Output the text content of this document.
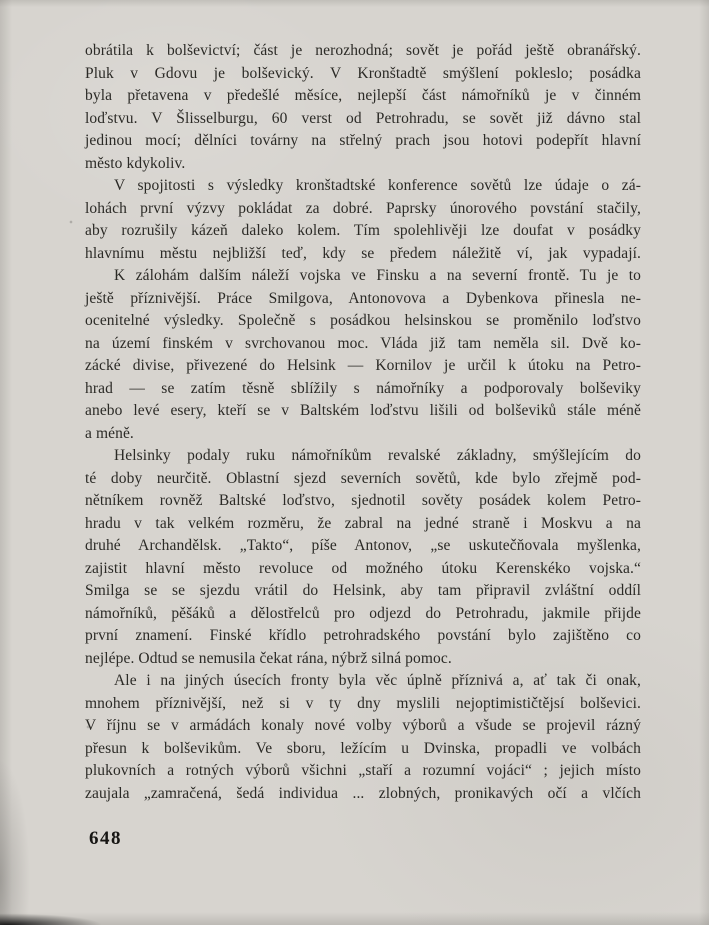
obrátila k bolševictví; část je nerozhodná; sovět je pořád ještě obranářský.
Pluk v Gdovu je bolševický. V Kronštadtě smýšlení pokleslo; posádka
byla přetavena v předešlé měsíce, nejlepší část námořníků je v činném
loďstvu. V Šlisselburgu, 60 verst od Petrohradu, se sovět již dávno stal
jedinou mocí; dělníci továrny na střelný prach jsou hotovi podepřít hlavní
město kdykoliv.
V spojitosti s výsledky kronštadtské konference sovětů lze údaje o zá-
lohách první výzvy pokládat za dobré. Paprsky únorového povstání stačily,
aby rozrušily kázeň daleko kolem. Tím spolehlivěji lze doufat v posádky
hlavnímu městu nejbližší teď, kdy se předem náležitě ví, jak vypadají.
K zálohám dalším náleží vojska ve Finsku a na severní frontě. Tu je to
ještě příznivější. Práce Smilgova, Antonovova a Dybenkova přinesla ne-
ocenitelné výsledky. Společně s posádkou helsinskou se proměnilo loďstvo
na území finském v svrchovanou moc. Vláda již tam neměla sil. Dvě ko-
zácké divise, přivezené do Helsink — Kornilov je určil k útoku na Petro-
hrad — se zatím těsně sblížily s námořníky a podporovaly bolševiky
anebo levé esery, kteří se v Baltském loďstvu lišili od bolševiků stále méně
a méně.
Helsinky podaly ruku námořníkům revalské základny, smýšlejícím do
té doby neurčitě. Oblastní sjezd severních sovětů, kde bylo zřejmě pod-
nětníkem rovněž Baltské loďstvo, sjednotil sověty posádek kolem Petro-
hradu v tak velkém rozměru, že zabral na jedné straně i Moskvu a na
druhé Archandělsk. „Takto“, píše Antonov, „se uskutečňovala myšlenka,
zajistit hlavní město revoluce od možného útoku Kerenskéko vojska.“
Smilga se se sjezdu vrátil do Helsink, aby tam připravil zvláštní oddíl
námořníků, pěšáků a dělostřelců pro odjezd do Petrohradu, jakmile přijde
první znamení. Finské křídlo petrohradského povstání bylo zajištěno co
nejlépe. Odtud se nemusila čekat rána, nýbrž silná pomoc.
Ale i na jiných úsecích fronty byla věc úplně příznivá a, ať tak či onak,
mnohem příznivější, než si v ty dny myslili nejoptimističtějsí bolševici.
V říjnu se v armádách konaly nové volby výborů a všude se projevil rázný
přesun k bolševikům. Ve sboru, ležícím u Dvinska, propadli ve volbách
plukovních a rotných výborů všichni „staří a rozumní vojáci“ ; jejich místo
zaujala „zamračená, šedá individua ... zlobných, pronikavých očí a vlčích
648
